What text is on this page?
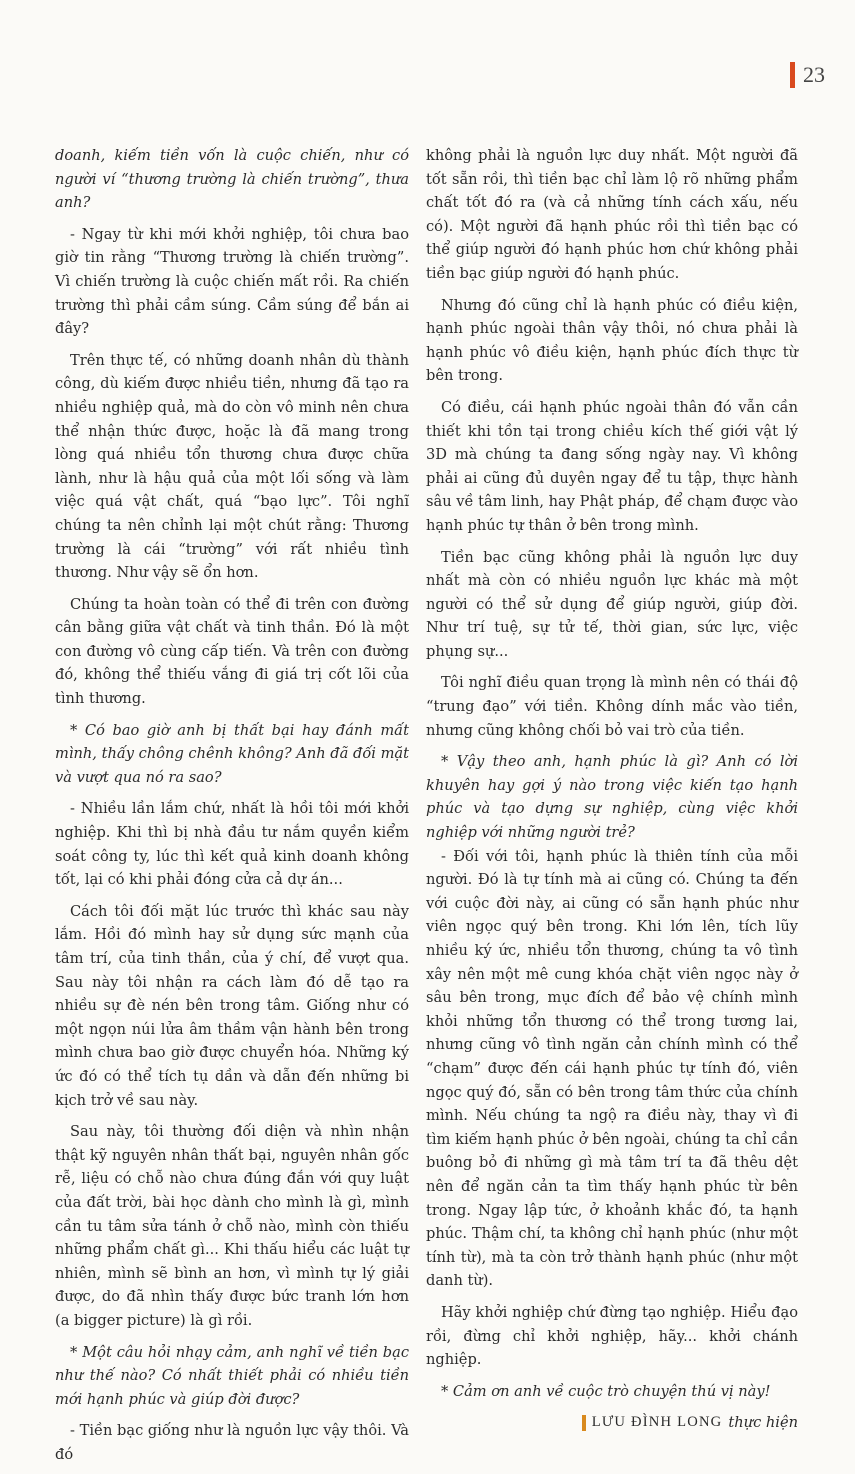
23

doanh, kiếm tiền vốn là cuộc chiến, như có người ví “thương trường là chiến trường”, thưa anh?

- Ngay từ khi mới khởi nghiệp, tôi chưa bao giờ tin rằng “Thương trường là chiến trường”. Vì chiến trường là cuộc chiến mất rồi. Ra chiến trường thì phải cầm súng. Cầm súng để bắn ai đây?

Trên thực tế, có những doanh nhân dù thành công, dù kiếm được nhiều tiền, nhưng đã tạo ra nhiều nghiệp quả, mà do còn vô minh nên chưa thể nhận thức được, hoặc là đã mang trong lòng quá nhiều tổn thương chưa được chữa lành, như là hậu quả của một lối sống và làm việc quá vật chất, quá “bạo lực”. Tôi nghĩ chúng ta nên chỉnh lại một chút rằng: Thương trường là cái “trường” với rất nhiều tình thương. Như vậy sẽ ổn hơn.

Chúng ta hoàn toàn có thể đi trên con đường cân bằng giữa vật chất và tinh thần. Đó là một con đường vô cùng cấp tiến. Và trên con đường đó, không thể thiếu vắng đi giá trị cốt lõi của tình thương.

* Có bao giờ anh bị thất bại hay đánh mất mình, thấy chông chênh không? Anh đã đối mặt và vượt qua nó ra sao?

- Nhiều lần lắm chứ, nhất là hồi tôi mới khởi nghiệp. Khi thì bị nhà đầu tư nắm quyền kiểm soát công ty, lúc thì kết quả kinh doanh không tốt, lại có khi phải đóng cửa cả dự án...

Cách tôi đối mặt lúc trước thì khác sau này lắm. Hồi đó mình hay sử dụng sức mạnh của tâm trí, của tinh thần, của ý chí, để vượt qua. Sau này tôi nhận ra cách làm đó dễ tạo ra nhiều sự đè nén bên trong tâm. Giống như có một ngọn núi lửa âm thầm vận hành bên trong mình chưa bao giờ được chuyển hóa. Những ký ức đó có thể tích tụ dần và dẫn đến những bi kịch trở về sau này.

Sau này, tôi thường đối diện và nhìn nhận thật kỹ nguyên nhân thất bại, nguyên nhân gốc rễ, liệu có chỗ nào chưa đúng đắn với quy luật của đất trời, bài học dành cho mình là gì, mình cần tu tâm sửa tánh ở chỗ nào, mình còn thiếu những phẩm chất gì... Khi thấu hiểu các luật tự nhiên, mình sẽ bình an hơn, vì mình tự lý giải được, do đã nhìn thấy được bức tranh lớn hơn (a bigger picture) là gì rồi.

* Một câu hỏi nhạy cảm, anh nghĩ về tiền bạc như thế nào? Có nhất thiết phải có nhiều tiền mới hạnh phúc và giúp đời được?

- Tiền bạc giống như là nguồn lực vậy thôi. Và đó

không phải là nguồn lực duy nhất. Một người đã tốt sẵn rồi, thì tiền bạc chỉ làm lộ rõ những phẩm chất tốt đó ra (và cả những tính cách xấu, nếu có). Một người đã hạnh phúc rồi thì tiền bạc có thể giúp người đó hạnh phúc hơn chứ không phải tiền bạc giúp người đó hạnh phúc.

Nhưng đó cũng chỉ là hạnh phúc có điều kiện, hạnh phúc ngoài thân vậy thôi, nó chưa phải là hạnh phúc vô điều kiện, hạnh phúc đích thực từ bên trong.

Có điều, cái hạnh phúc ngoài thân đó vẫn cần thiết khi tồn tại trong chiều kích thế giới vật lý 3D mà chúng ta đang sống ngày nay. Vì không phải ai cũng đủ duyên ngay để tu tập, thực hành sâu về tâm linh, hay Phật pháp, để chạm được vào hạnh phúc tự thân ở bên trong mình.

Tiền bạc cũng không phải là nguồn lực duy nhất mà còn có nhiều nguồn lực khác mà một người có thể sử dụng để giúp người, giúp đời. Như trí tuệ, sự tử tế, thời gian, sức lực, việc phụng sự...

Tôi nghĩ điều quan trọng là mình nên có thái độ “trung đạo” với tiền. Không dính mắc vào tiền, nhưng cũng không chối bỏ vai trò của tiền.

* Vậy theo anh, hạnh phúc là gì? Anh có lời khuyên hay gợi ý nào trong việc kiến tạo hạnh phúc và tạo dựng sự nghiệp, cùng việc khởi nghiệp với những người trẻ?

- Đối với tôi, hạnh phúc là thiên tính của mỗi người. Đó là tự tính mà ai cũng có. Chúng ta đến với cuộc đời này, ai cũng có sẵn hạnh phúc như viên ngọc quý bên trong. Khi lớn lên, tích lũy nhiều ký ức, nhiều tổn thương, chúng ta vô tình xây nên một mê cung khóa chặt viên ngọc này ở sâu bên trong, mục đích để bảo vệ chính mình khỏi những tổn thương có thể trong tương lai, nhưng cũng vô tình ngăn cản chính mình có thể “chạm” được đến cái hạnh phúc tự tính đó, viên ngọc quý đó, sẵn có bên trong tâm thức của chính mình. Nếu chúng ta ngộ ra điều này, thay vì đi tìm kiếm hạnh phúc ở bên ngoài, chúng ta chỉ cần buông bỏ đi những gì mà tâm trí ta đã thêu dệt nên để ngăn cản ta tìm thấy hạnh phúc từ bên trong. Ngay lập tức, ở khoảnh khắc đó, ta hạnh phúc. Thậm chí, ta không chỉ hạnh phúc (như một tính từ), mà ta còn trở thành hạnh phúc (như một danh từ).

Hãy khởi nghiệp chứ đừng tạo nghiệp. Hiểu đạo rồi, đừng chỉ khởi nghiệp, hãy... khởi chánh nghiệp.

* Cảm ơn anh về cuộc trò chuyện thú vị này!

LƯU ĐÌNH LONG thực hiện
